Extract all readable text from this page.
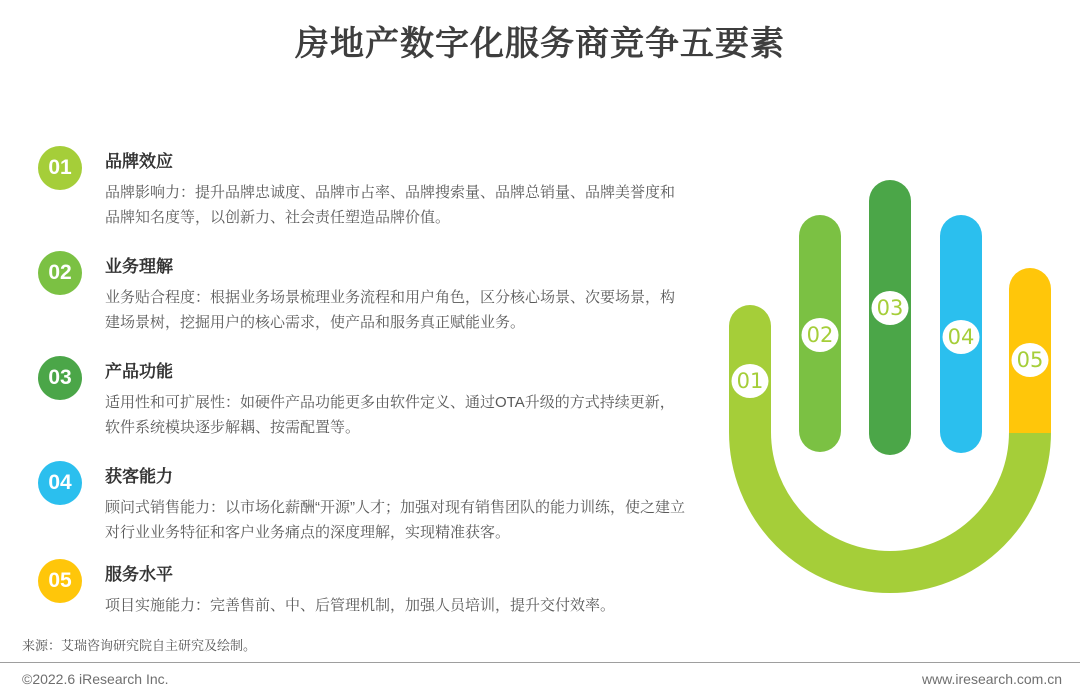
房地产数字化服务商竞争五要素
01	品牌效应

品牌影响力：提升品牌忠诚度、品牌市占率、品牌搜索量、品牌总销量、品牌美誉度和品牌知名度等，以创新力、社会责任塑造品牌价值。

02	业务理解

业务贴合程度：根据业务场景梳理业务流程和用户角色，区分核心场景、次要场景，构建场景树，挖掘用户的核心需求，使产品和服务真正赋能业务。

03	产品功能

适用性和可扩展性：如硬件产品功能更多由软件定义、通过OTA升级的方式持续更新，软件系统模块逐步解耦、按需配置等。

04	获客能力

顾问式销售能力：以市场化薪酬“开源”人才；加强对现有销售团队的能力训练，使之建立对行业业务特征和客户业务痛点的深度理解，实现精准获客。

05	服务水平

项目实施能力：完善售前、中、后管理机制，加强人员培训，提升交付效率。

01
02
03
04
05
来源：艾瑞咨询研究院自主研究及绘制。
©2022.6 iResearch Inc.	www.iresearch.com.cn
